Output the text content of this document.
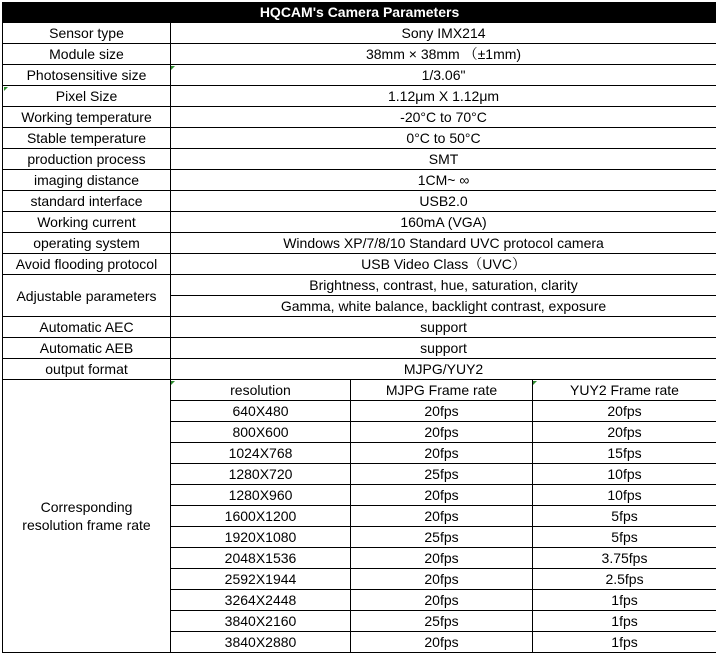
HQCAM's Camera Parameters			
Sensor type	Sony IMX214		
Module size	38mm × 38mm （±1mm)		
Photosensitive size	1/3.06"		
Pixel Size	1.12μm X 1.12μm		
Working temperature	-20°C to 70°C		
Stable temperature	0°C to 50°C		
production process	SMT		
imaging distance	1CM~ ∞		
standard interface	USB2.0		
Working current	160mA (VGA)		
operating system	Windows XP/7/8/10 Standard UVC protocol camera		
Avoid flooding protocol	USB Video Class（UVC）		
Adjustable parameters	Brightness, contrast, hue, saturation, clarity		
	Gamma, white balance, backlight contrast, exposure		
Automatic AEC	support		
Automatic AEB	support		
output format	MJPG/YUY2		

Corresponding
resolution frame rate	resolution	MJPG Frame rate	YUY2 Frame rate
	640X480	20fps	20fps
	800X600	20fps	20fps
	1024X768	20fps	15fps
	1280X720	25fps	10fps
	1280X960	20fps	10fps
	1600X1200	20fps	5fps
	1920X1080	25fps	5fps
	2048X1536	20fps	3.75fps
	2592X1944	20fps	2.5fps
	3264X2448	20fps	1fps
	3840X2160	25fps	1fps
	3840X2880	20fps	1fps
